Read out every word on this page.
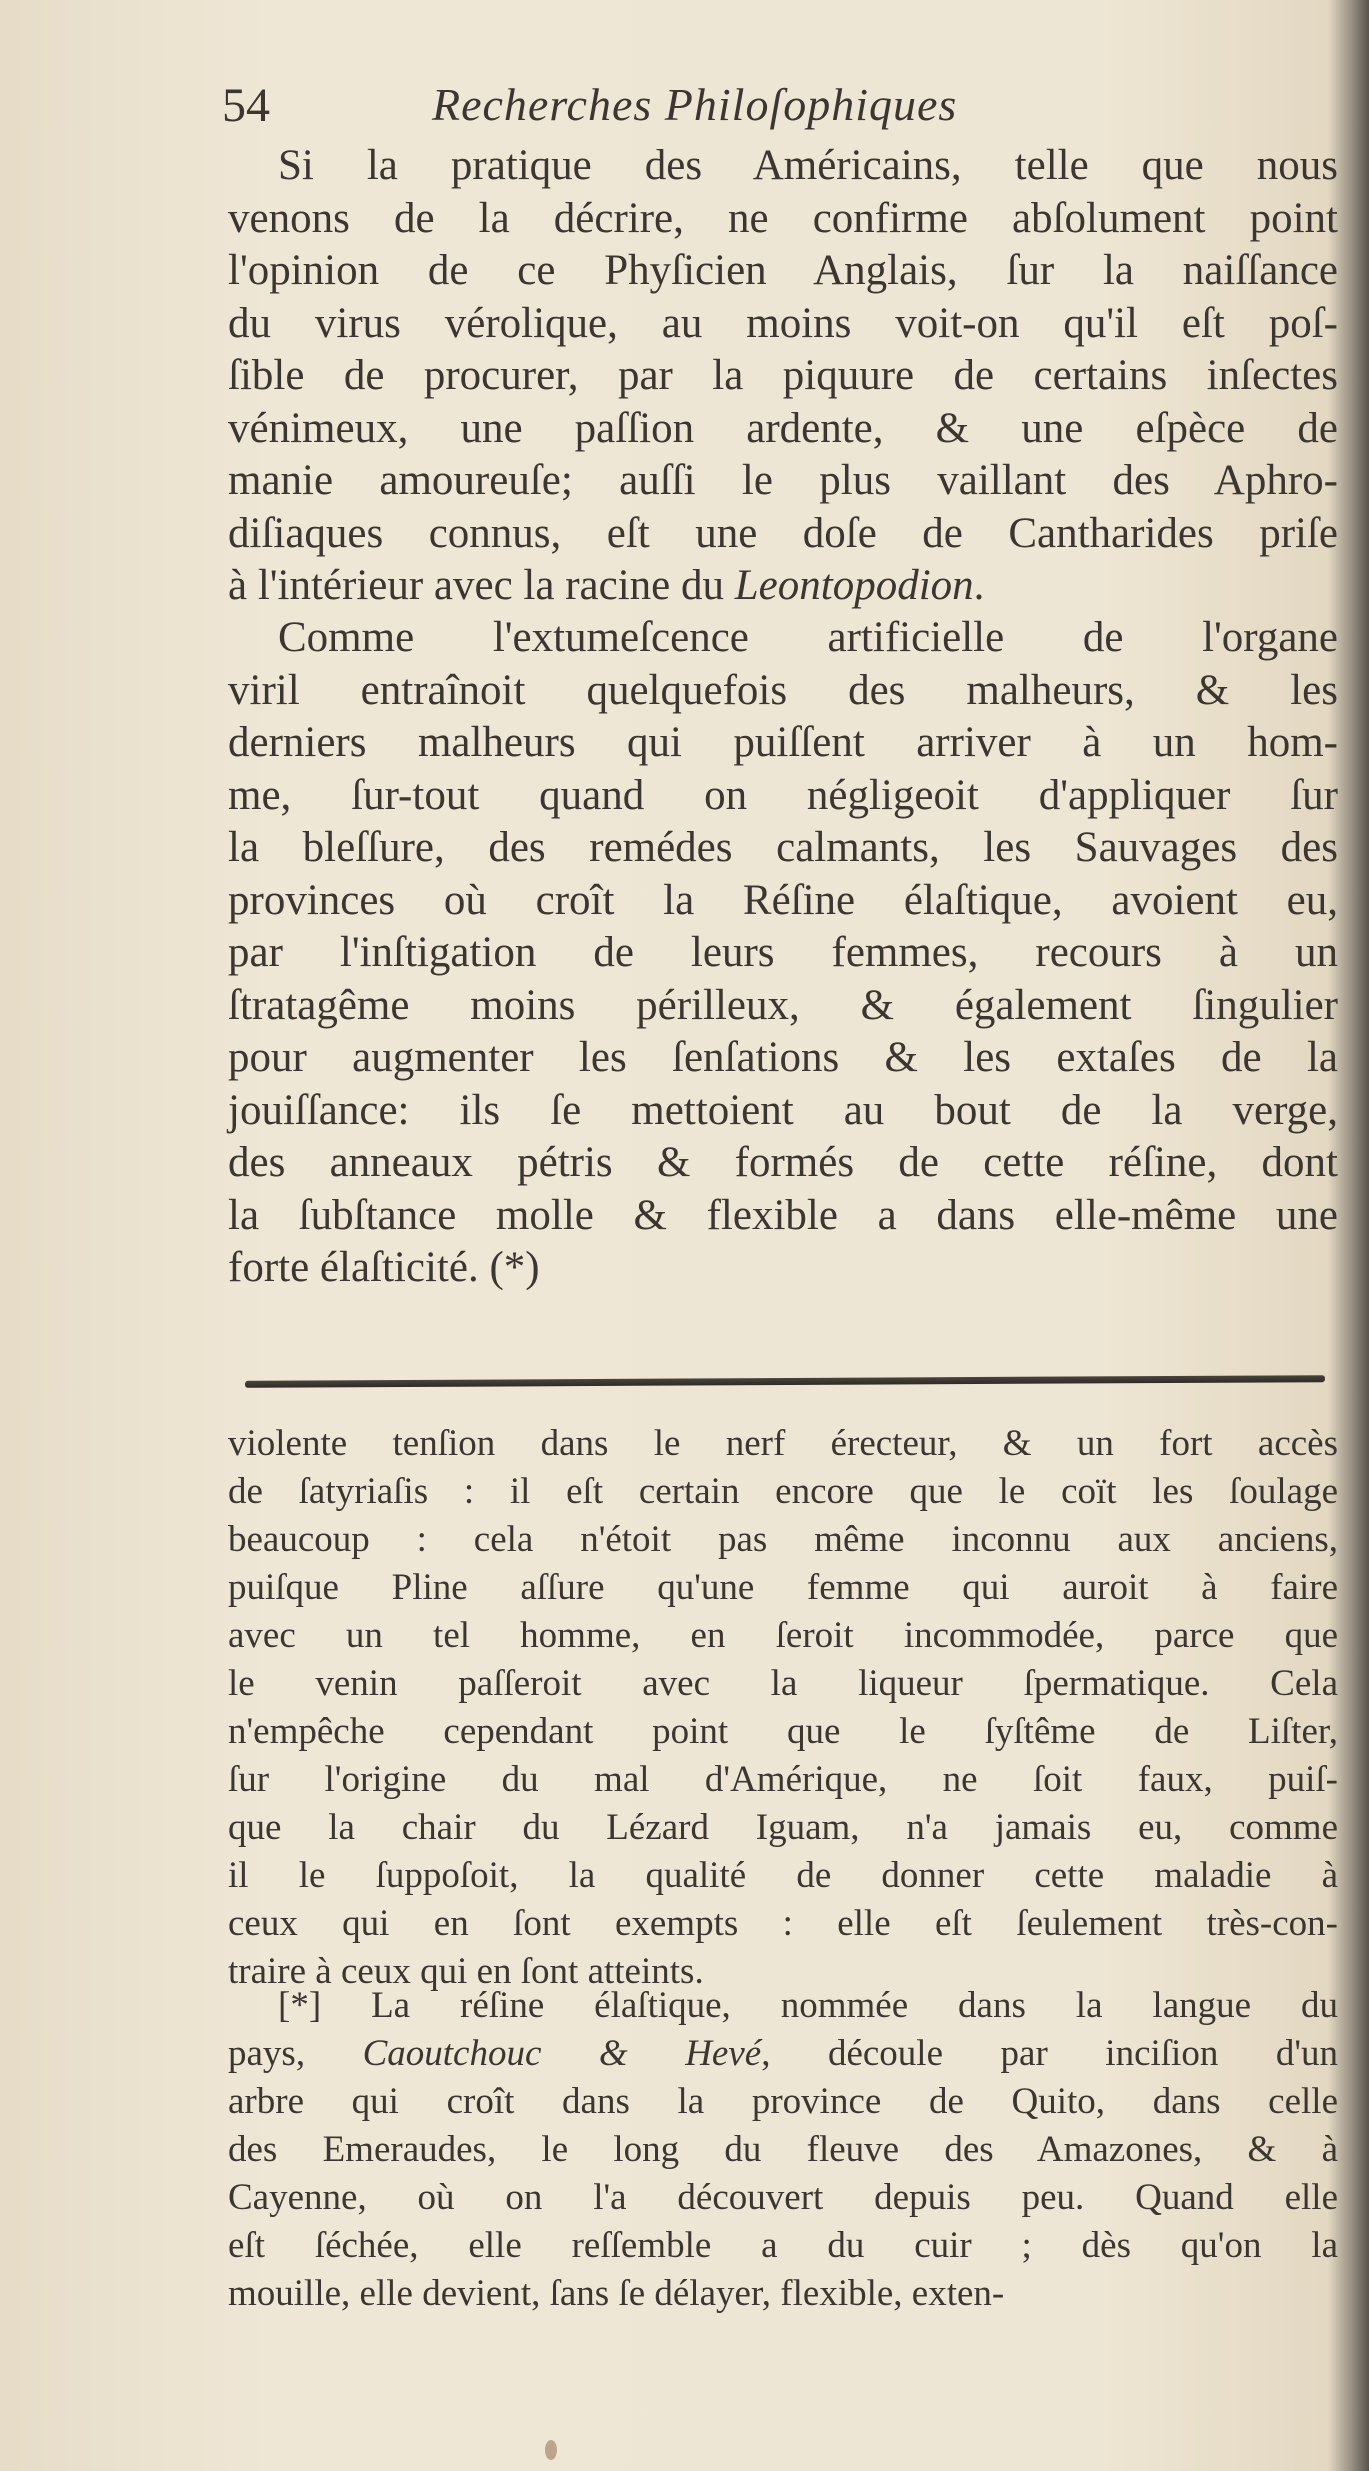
54	Recherches Philoſophiques
Si la pratique des Américains, telle que nous
venons de la décrire, ne confirme abſolument point
l'opinion de ce Phyſicien Anglais, ſur la naiſſance
du virus vérolique, au moins voit-on qu'il eſt poſ-
ſible de procurer, par la piquure de certains inſectes
vénimeux, une paſſion ardente, & une eſpèce de
manie amoureuſe; auſſi le plus vaillant des Aphro-
diſiaques connus, eſt une doſe de Cantharides priſe
à l'intérieur avec la racine du Leontopodion.
Comme l'extumeſcence artificielle de l'organe
viril entraînoit quelquefois des malheurs, & les
derniers malheurs qui puiſſent arriver à un hom-
me, ſur-tout quand on négligeoit d'appliquer ſur
la bleſſure, des remédes calmants, les Sauvages des
provinces où croît la Réſine élaſtique, avoient eu,
par l'inſtigation de leurs femmes, recours à un
ſtratagême moins périlleux, & également ſingulier
pour augmenter les ſenſations & les extaſes de la
jouiſſance: ils ſe mettoient au bout de la verge,
des anneaux pétris & formés de cette réſine, dont
la ſubſtance molle & flexible a dans elle-même une
forte élaſticité. (*)
violente tenſion dans le nerf érecteur, & un fort accès
de ſatyriaſis : il eſt certain encore que le coït les ſoulage
beaucoup : cela n'étoit pas même inconnu aux anciens,
puiſque Pline aſſure qu'une femme qui auroit à faire
avec un tel homme, en ſeroit incommodée, parce que
le venin paſſeroit avec la liqueur ſpermatique. Cela
n'empêche cependant point que le ſyſtême de Liſter,
ſur l'origine du mal d'Amérique, ne ſoit faux, puiſ-
que la chair du Lézard Iguam, n'a jamais eu, comme
il le ſuppoſoit, la qualité de donner cette maladie à
ceux qui en ſont exempts : elle eſt ſeulement très-con-
traire à ceux qui en ſont atteints.
[*] La réſine élaſtique, nommée dans la langue du
pays, Caoutchouc & Hevé, découle par inciſion d'un
arbre qui croît dans la province de Quito, dans celle
des Emeraudes, le long du fleuve des Amazones, & à
Cayenne, où on l'a découvert depuis peu. Quand elle
eſt ſéchée, elle reſſemble a du cuir ; dès qu'on la
mouille, elle devient, ſans ſe délayer, flexible, exten-
